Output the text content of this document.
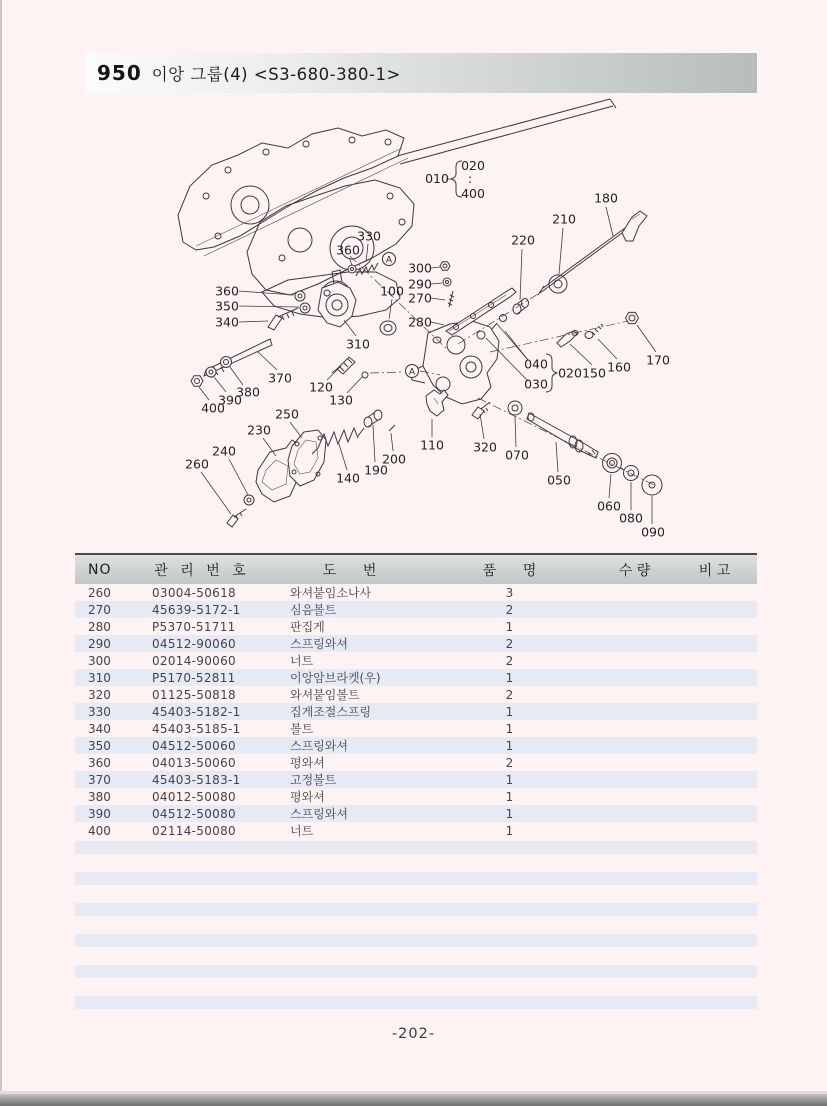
950 이앙 그룹(4) <S3-680-380-1>
010
020
:
400	180
210
220
300
290
270
280
330
360
100
360
350
340
310
370
120
130
400
390
380
250
230
240
260
140
190
200
110 320
070
050
060
080
090
040
030
020 150 160 170
A
A
NO	관 리 번 호	도      번	품      명	수 량	비 고
260	03004-50618	와셔붙임소나사	3
270	45639-5172-1	심음볼트	2
280	P5370-51711	판집게	1
290	04512-90060	스프링와셔	2
300	02014-90060	너트	2
310	P5170-52811	이앙암브라켓(우)	1
320	01125-50818	와셔붙임볼트	2
330	45403-5182-1	집게조절스프링	1
340	45403-5185-1	볼트	1
350	04512-50060	스프링와셔	1
360	04013-50060	평와셔	2
370	45403-5183-1	고정볼트	1
380	04012-50080	평와셔	1
390	04512-50080	스프링와셔	1
400	02114-50080	너트	1
-202-
